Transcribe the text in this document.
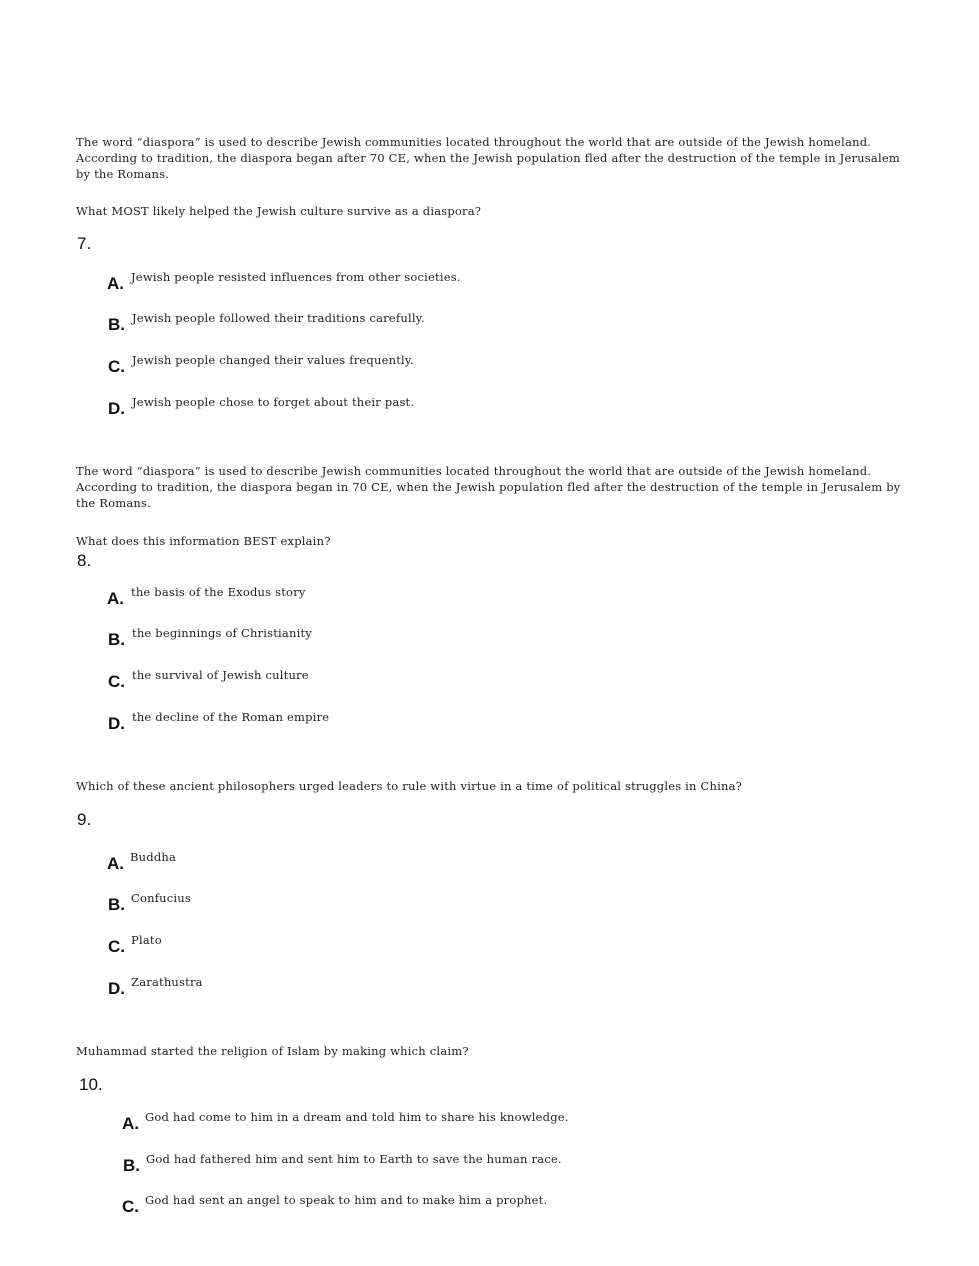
The word “diaspora” is used to describe Jewish communities located throughout the world that are outside of the Jewish homeland. According to tradition, the diaspora began after 70 CE, when the Jewish population fled after the destruction of the temple in Jerusalem by the Romans.
What MOST likely helped the Jewish culture survive as a diaspora?
7.
A. Jewish people resisted influences from other societies.
B. Jewish people followed their traditions carefully.
C. Jewish people changed their values frequently.
D. Jewish people chose to forget about their past.
The word “diaspora” is used to describe Jewish communities located throughout the world that are outside of the Jewish homeland. According to tradition, the diaspora began in 70 CE, when the Jewish population fled after the destruction of the temple in Jerusalem by the Romans.
What does this information BEST explain?
8.
A. the basis of the Exodus story
B. the beginnings of Christianity
C. the survival of Jewish culture
D. the decline of the Roman empire
Which of these ancient philosophers urged leaders to rule with virtue in a time of political struggles in China?
9.
A. Buddha
B. Confucius
C. Plato
D. Zarathustra
Muhammad started the religion of Islam by making which claim?
10.
A. God had come to him in a dream and told him to share his knowledge.
B. God had fathered him and sent him to Earth to save the human race.
C. God had sent an angel to speak to him and to make him a prophet.
